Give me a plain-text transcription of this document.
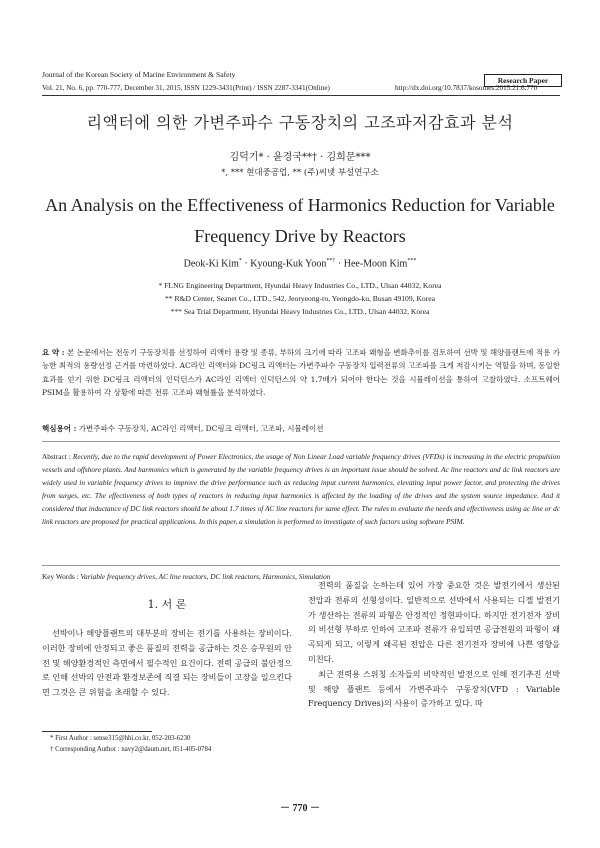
Journal of the Korean Society of Marine Environment & Safety
Research Paper
Vol. 21, No. 6, pp. 770-777, December 31, 2015, ISSN 1229-3431(Print) / ISSN 2287-3341(Online)	http://dx.doi.org/10.7837/kosomes.2015.21.6.770
리액터에 의한 가변주파수 구동장치의 고조파저감효과 분석
김덕기* · 윤경국**† · 김희문***
*, *** 현대중공업, ** (주)씨넷 부설연구소
An Analysis on the Effectiveness of Harmonics Reduction for Variable Frequency Drive by Reactors
Deok-Ki Kim* · Kyoung-Kuk Yoon**† · Hee-Moon Kim***
* FLNG Engineering Department, Hyundai Heavy Industries Co., LTD., Ulsan 44032, Korea
** R&D Center, Seanet Co., LTD., 542, Jeoryeong-ro, Yeongdo-ku, Busan 49109, Korea
*** Sea Trial Department, Hyundai Heavy Industries Co., LTD., Ulsan 44032, Korea
요 약 : 본 논문에서는 전동기 구동장치를 선정하여 리액터 용량 및 종류, 부하의 크기에 따라 고조파 왜형을 변화추이를 검토하여 선박 및 해양플랜트에 적용 가능한 최적의 용량선정 근거를 마련하였다. AC라인 리액터와 DC링크 리액터는 가변주파수 구동장치 입력전류의 고조파를 크게 저감시키는 역할을 하며, 동일한 효과를 얻기 위한 DC링크 리액터의 인덕턴스가 AC라인 리액터 인덕턴스의 약 1.7배가 되어야 한다는 것을 시뮬레이션을 통하여 고찰하였다. 소프트웨어 PSIM을 활용하여 각 상황에 따른 전류 고조파 왜형률을 분석하였다.
핵심용어 : 가변주파수 구동장치, AC라인 리액터, DC링크 리액터, 고조파, 시뮬레이션
Abstract : Recently, due to the rapid development of Power Electronics, the usage of Non Linear Load variable frequency drives (VFDs) is increasing in the electric propulsion vessels and offshore plants. And harmonics which is generated by the variable frequency drives is an important issue should be solved. Ac line reactors and dc link reactors are widely used in variable frequency drives to improve the drive performance such as reducing input current harmonics, elevating input power factor, and protecting the drives from surges, etc. The effectiveness of both types of reactors in reducing input harmonics is affected by the loading of the drives and the system source impedance. And it considered that inductance of DC link reactors should be about 1.7 times of AC line reactors for same effect. The rules to evaluate the needs and effectiveness using ac line or dc link reactors are proposed for practical applications. In this paper, a simulation is performed to investigate of such factors using software PSIM.
Key Words : Variable frequency drives, AC line reactors, DC link reactors, Harmonics, Simulation
1. 서 론

선박이나 해양플랜트의 대부분의 장비는 전기를 사용하는 장비이다. 이러한 장비에 안정되고 좋은 품질의 전력을 공급하는 것은 승무원의 안전 및 해양환경적인 측면에서 필수적인 요건이다. 전력 공급의 불안정으로 인해 선박의 안전과 환경보존에 직결 되는 장비들이 고장을 일으킨다면 그것은 큰 위험을 초래할 수 있다.

전력의 품질을 논하는데 있어 가장 중요한 것은 발전기에서 생산된 전압과 전류의 선형성이다. 일반적으로 선박에서 사용되는 디젤 발전기가 생산하는 전류의 파형은 안정적인 정현파이다. 하지만 전기전자 장비의 비선형 부하로 인하여 고조파 전류가 유입되면 공급전원의 파형이 왜곡되게 되고, 이렇게 왜곡된 전압은 다른 전기전자 장비에 나쁜 영향을 미친다.

최근 전력용 스위칭 소자들의 비약적인 발전으로 인해 전기추진 선박 및 해양 플랜트 등에서 가변주파수 구동장치(VFD : Variable Frequency Drives)의 사용이 증가하고 있다. 따

* First Author : sense315@hhi.co.kr, 052-203-6230
† Corresponding Author : navy2@daum.net, 051-405-0784
－ 770 －
